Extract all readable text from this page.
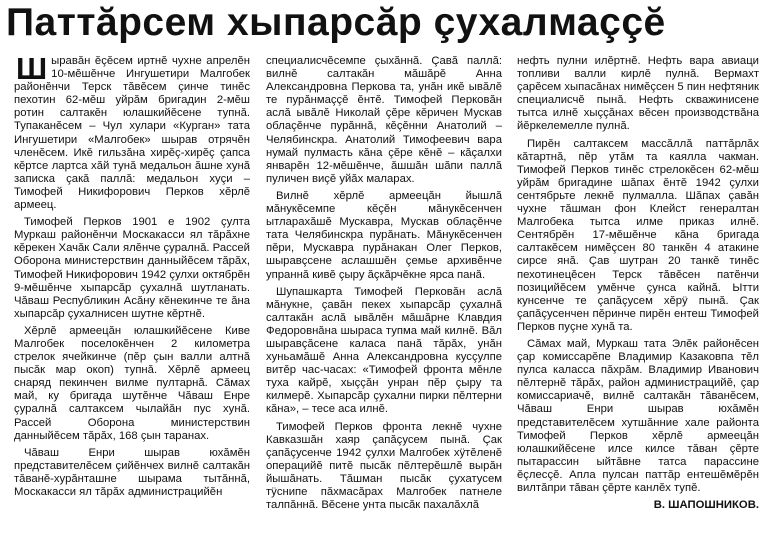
Паттăрсем хыпарсăр çухалмаççĕ

Шыравăн ĕçĕсем иртнĕ чухне апрелĕн 10-мĕшĕнче Ингушетири Малгобек районĕнчи Терск тăвĕсем çинче тинĕс пехотин 62-мĕш уйрăм бригадин 2-мĕш ротин салтакĕн юлашкийĕсене тупнă. Тупаканĕсем – Чул хулари «Курган» тата Ингушетири «Малгобек» шырав отрячĕн членĕсем. Икĕ гильзăна хирĕç-хирĕç çапса кĕртсе лартса хăй тунă медальон ăшне хунă записка çакă паллă: медальон хуçи – Тимофей Никифорович Перков хĕрлĕ армеец.

Тимофей Перков 1901 е 1902 çулта Муркаш районĕнчи Москакасси ял тăрăхне кĕрекен Хачăк Сали ялĕнче çуралнă. Рассей Оборона министерствин данныйĕсем тăрăх, Тимофей Никифорович 1942 çулхи октябрĕн 9-мĕшĕнче хыпарсăр çухалнă шутланать. Чăваш Республикин Асăну кĕнекинче те ăна хыпарсăр çухалнисен шутне кĕртнĕ.

Хĕрлĕ армеецăн юлашкийĕсене Киве Малгобек поселокĕнчен 2 километра стрелок ячейкинче (пĕр çын валли алтнă пысăк мар окоп) тупнă. Хĕрлĕ армеец снаряд пекинчен вилме пултарнă. Сăмах май, ку бригада шутĕнче Чăваш Енре çуралнă салтаксем чылайăн пус хунă. Рассей Оборона министерствин данныйĕсем тăрăх, 168 çын таранах.

Чăваш Енри шырав юхăмĕн представителĕсем çийĕнчех вилнĕ салтакăн тăванĕ-хурăнташне шырама тытăннă, Москакасси ял тăрăх администрацийĕн

специалисчĕсемпе çыхăннă. Çавă паллă: вилнĕ салтакăн мăшăрĕ Анна Александровна Перкова та, унăн икĕ ывăлĕ те пурăнмаççĕ ĕнтĕ. Тимофей Перковăн аслă ывăлĕ Николай çĕре кĕричен Мускав облаçĕнче пурăннă, кĕçĕнни Анатолий – Челябинскра. Анатолий Тимофеевич вара нумай пулмасть кăна çĕре кĕнĕ – кăçалхи январĕн 12-мĕшĕнче, ăшшăн шăпи паллă пуличен виçĕ уйăх маларах.

Вилнĕ хĕрлĕ армеецăн йышлă мăнукĕсемпе кĕçĕн мăнукĕсенчен ытларахăшĕ Мускавра, Мускав облаçĕнче тата Челябинскра пурăнать. Мăнукĕсенчен пĕри, Мускавра пурăнакан Олег Перков, шыравçсене аслашшĕн çемье архивĕнче упраннă кивĕ çыру ăçкăрчĕкне ярса панă.

Шупашкарта Тимофей Перковăн аслă мăнукне, çавăн пекех хыпарсăр çухалнă салтакăн аслă ывăлĕн мăшăрне Клавдия Федоровнăна шыраса тупма май килнĕ. Вăл шыравçăсене каласа панă тăрăх, унăн хуньамăшĕ Анна Александровна кусçулпе витĕр час-часах: «Тимофей фронта мĕнле туха кайрĕ, хыççăн унран пĕр çыру та килмерĕ. Хыпарсăр çухални пирки пĕлтерни кăна», – тесе аса илнĕ.

Тимофей Перков фронта лекнĕ чухне Кавказшăн хаяр çапăçусем пынă. Çак çапăçусенче 1942 çулхи Малгобек хÿтĕленĕ операцийĕ питĕ пысăк пĕлтерĕшлĕ вырăн йышăнать. Тăшман пысăк çухатусем тÿснипе пăхмасăрах Малгобек патнеле талпăннă. Вĕсене унта пысăк пахалăхлă

нефть пулни илĕртнĕ. Нефть вара авиаци топливи валли кирлĕ пулнă. Вермахт çарĕсем хыпасăнах нимĕçсен 5 пин нефтяник специалисчĕ пынă. Нефть скважинисене тытса илнĕ хыççăнах вĕсен производствăна йĕркелемелле пулнă.

Пирĕн салтаксем массăллă паттăрлăх кăтартнă, пĕр утăм та каялла чакман. Тимофей Перков тинĕс стрелокĕсен 62-мĕш уйрăм бригадине шăпах ĕнтĕ 1942 çулхи сентябрьте лекнĕ пулмалла. Шăпах çавăн чухне тăшман фон Клейст генералтан Малгобека тытса илме приказ илнĕ. Сентябрĕн 17-мĕшĕнче кăна бригада салтакĕсем нимĕçсен 80 танкĕн 4 атакине сирсе янă. Çав шутран 20 танкĕ тинĕс пехотинецĕсен Терск тăвĕсен патĕнчи позицийĕсем умĕнче çунса кайнă. Ытти кунсенче те çапăçусем хĕрÿ пынă. Çак çапăçусенчен пĕринче пирĕн ентеш Тимофей Перков пуçне хунă та.

Сăмах май, Муркаш тата Элĕк районĕсен çар комиссарĕпе Владимир Казаковпа тĕл пулса каласса пăхрăм. Владимир Иванович пĕлтернĕ тăрăх, район администрацийĕ, çар комиссариачĕ, вилнĕ салтакăн тăванĕсем, Чăваш Енри шырав юхăмĕн представителĕсем хутшăнние хале районта Тимофей Перков хĕрлĕ армеецăн юлашкийĕсене илсе килсе тăван çĕрте пытарассин ыйтăвне татса парассине ĕçлесçĕ. Апла пулсан паттăр ентешĕмĕрĕн вилтăпри тăван çĕрте канлĕх тупĕ.

В. ШАПОШНИКОВ.
